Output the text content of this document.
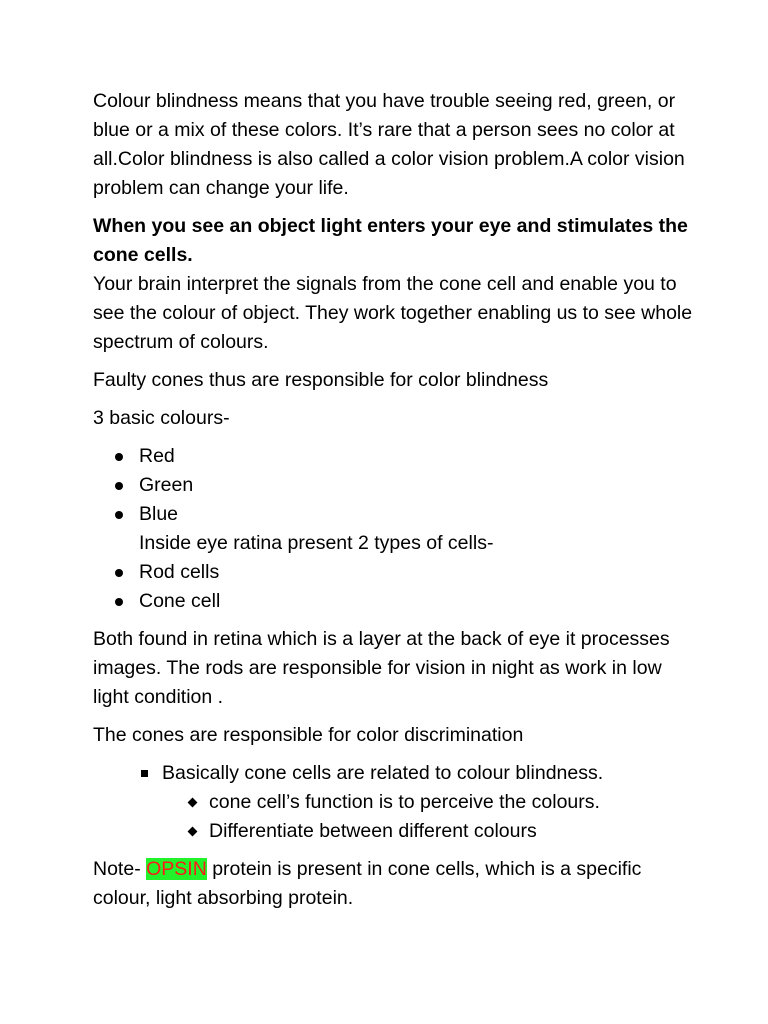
Colour blindness means that you have trouble seeing red, green, or blue or a mix of these colors. It’s rare that a person sees no color at all.Color blindness is also called a color vision problem.A color vision problem can change your life.

When you see an object light enters your eye and stimulates the cone cells.

Your brain interpret the signals from the cone cell and enable you to see the colour of object. They work together enabling us to see whole spectrum of colours.

Faulty cones thus are responsible for color blindness

3 basic colours-

Red
Green
Blue
Inside eye ratina present 2 types of cells-
Rod cells
Cone cell

Both found in retina which is a layer at the back of eye it processes images. The rods are responsible for vision in night as work in low light condition .

The cones are responsible for color discrimination

Basically cone cells are related to colour blindness.
cone cell’s function is to perceive the colours.
Differentiate between different colours

Note- OPSIN protein is present in cone cells, which is a specific colour, light absorbing protein.
